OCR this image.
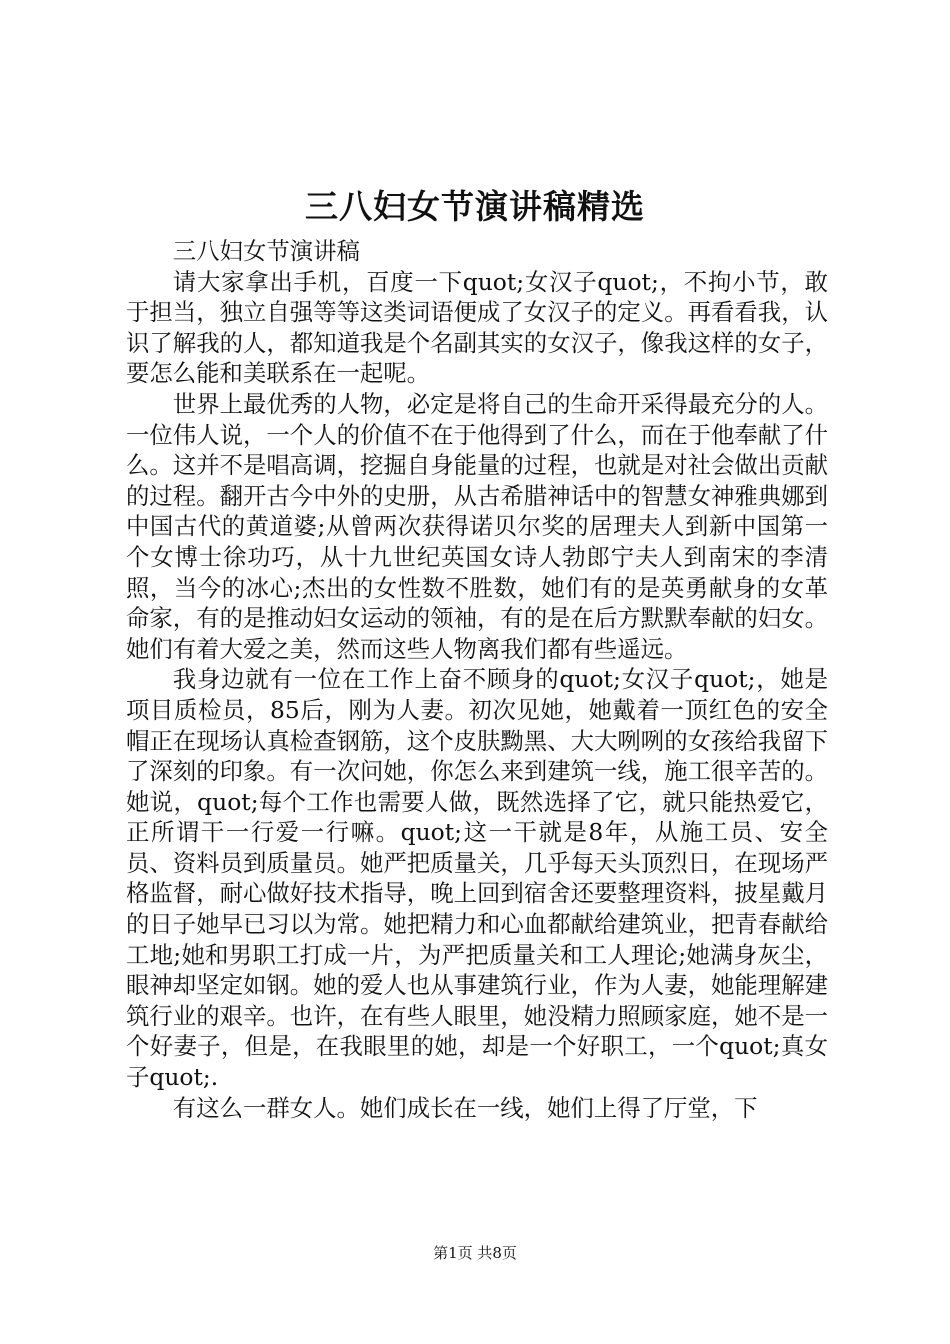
三八妇女节演讲稿精选

三八妇女节演讲稿

请大家拿出手机，百度一下quot;女汉子quot;，不拘小节，敢于担当，独立自强等等这类词语便成了女汉子的定义。再看看我，认识了解我的人，都知道我是个名副其实的女汉子，像我这样的女子，要怎么能和美联系在一起呢。

世界上最优秀的人物，必定是将自己的生命开采得最充分的人。一位伟人说，一个人的价值不在于他得到了什么，而在于他奉献了什么。这并不是唱高调，挖掘自身能量的过程，也就是对社会做出贡献的过程。翻开古今中外的史册，从古希腊神话中的智慧女神雅典娜到中国古代的黄道婆;从曾两次获得诺贝尔奖的居理夫人到新中国第一个女博士徐功巧，从十九世纪英国女诗人勃郎宁夫人到南宋的李清照，当今的冰心;杰出的女性数不胜数，她们有的是英勇献身的女革命家，有的是推动妇女运动的领袖，有的是在后方默默奉献的妇女。她们有着大爱之美，然而这些人物离我们都有些遥远。

我身边就有一位在工作上奋不顾身的quot;女汉子quot;，她是项目质检员，85后，刚为人妻。初次见她，她戴着一顶红色的安全帽正在现场认真检查钢筋，这个皮肤黝黑、大大咧咧的女孩给我留下了深刻的印象。有一次问她，你怎么来到建筑一线，施工很辛苦的。她说，quot;每个工作也需要人做，既然选择了它，就只能热爱它，正所谓干一行爱一行嘛。quot;这一干就是8年，从施工员、安全员、资料员到质量员。她严把质量关，几乎每天头顶烈日，在现场严格监督，耐心做好技术指导，晚上回到宿舍还要整理资料，披星戴月的日子她早已习以为常。她把精力和心血都献给建筑业，把青春献给工地;她和男职工打成一片，为严把质量关和工人理论;她满身灰尘，眼神却坚定如钢。她的爱人也从事建筑行业，作为人妻，她能理解建筑行业的艰辛。也许，在有些人眼里，她没精力照顾家庭，她不是一个好妻子，但是，在我眼里的她，却是一个好职工，一个quot;真女子quot;.

有这么一群女人。她们成长在一线，她们上得了厅堂，下

第1页 共8页
